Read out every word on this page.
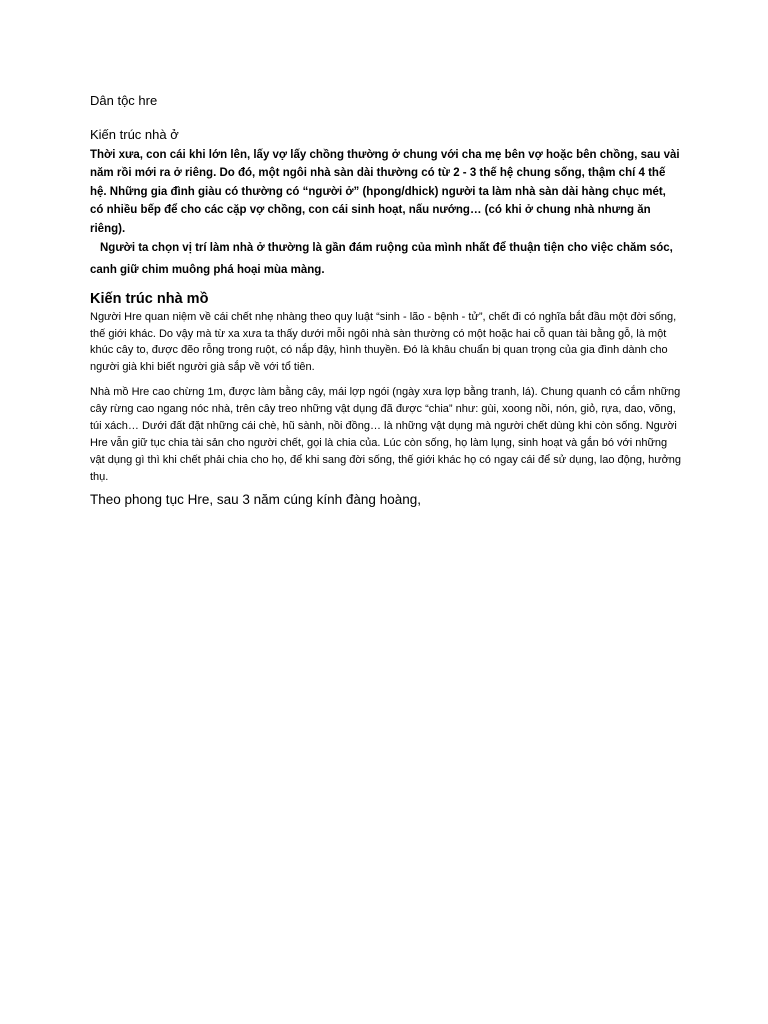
Dân tộc hre
Kiến trúc nhà ở

Thời xưa, con cái khi lớn lên, lấy vợ lấy chồng thường ở chung với cha mẹ bên vợ hoặc bên chồng, sau vài năm rồi mới ra ở riêng. Do đó, một ngôi nhà sàn dài thường có từ 2 - 3 thế hệ chung sống, thậm chí 4 thế hệ. Những gia đình giàu có thường có “người ở” (hpong/dhick) người ta làm nhà sàn dài hàng chục mét, có nhiều bếp để cho các cặp vợ chồng, con cái sinh hoạt, nấu nướng… (có khi ở chung nhà nhưng ăn riêng).

Người ta chọn vị trí làm nhà ở thường là gần đám ruộng của mình nhất để thuận tiện cho việc chăm sóc, canh giữ chim muông phá hoại mùa màng.

Kiến trúc nhà mồ

Người Hre quan niệm về cái chết nhẹ nhàng theo quy luật “sinh - lão - bệnh - tử”, chết đi có nghĩa bắt đầu một đời sống, thế giới khác. Do vậy mà từ xa xưa ta thấy dưới mỗi ngôi nhà sàn thường có một hoặc hai cỗ quan tài bằng gỗ, là một khúc cây to, được đẽo rỗng trong ruột, có nắp đậy, hình thuyền. Đó là khâu chuẩn bị quan trọng của gia đình dành cho người già khi biết người già sắp về với tổ tiên.

Nhà mồ Hre cao chừng 1m, được làm bằng cây, mái lợp ngói (ngày xưa lợp bằng tranh, lá). Chung quanh có cắm những cây rừng cao ngang nóc nhà, trên cây treo những vật dụng đã được “chia” như: gùi, xoong nồi, nón, giỏ, rựa, dao, võng, túi xách… Dưới đất đặt những cái chè, hũ sành, nồi đồng… là những vật dụng mà người chết dùng khi còn sống. Người Hre vẫn giữ tục chia tài sản cho người chết, gọi là chia của. Lúc còn sống, họ làm lụng, sinh hoạt và gắn bó với những vật dụng gì thì khi chết phải chia cho họ, để khi sang đời sống, thế giới khác họ có ngay cái để sử dụng, lao động, hưởng thụ.

Theo phong tục Hre, sau 3 năm cúng kính đàng hoàng,
